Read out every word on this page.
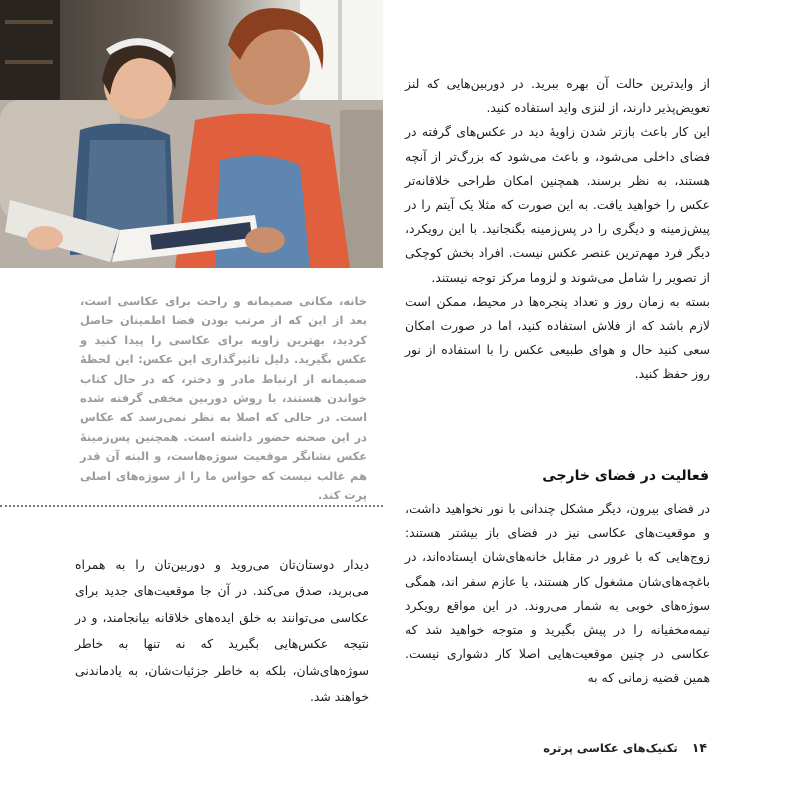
از وایدترین حالت آن بهره ببرید. در دوربین‌هایی که لنز تعویض‌پذیر دارند، از لنزی واید استفاده کنید.

این کار باعث بازتر شدن زاویهٔ دید در عکس‌های گرفته در فضای داخلی می‌شود، و باعث می‌شود که بزرگ‌تر از آنچه هستند، به نظر برسند. همچنین امکان طراحی خلاقانه‌تر عکس را خواهید یافت. به این صورت که مثلا یک آیتم را در پیش‌زمینه و دیگری را در پس‌زمینه بگنجانید. با این رویکرد، دیگر فرد مهم‌ترین عنصر عکس نیست. افراد بخش کوچکی از تصویر را شامل می‌شوند و لزوما مرکز توجه نیستند.

بسته به زمان روز و تعداد پنجره‌ها در محیط، ممکن است لازم باشد که از فلاش استفاده کنید، اما در صورت امکان سعی کنید حال و هوای طبیعی عکس را با استفاده از نور روز حفظ کنید.

فعالیت در فضای خارجی

در فضای بیرون، دیگر مشکل چندانی با نور نخواهید داشت، و موقعیت‌های عکاسی نیز در فضای باز بیشتر هستند: زوج‌هایی که با غرور در مقابل خانه‌های‌شان ایستاده‌اند، در باغچه‌های‌شان مشغول کار هستند، یا عازم سفر اند، همگی سوژه‌های خوبی به شمار می‌روند. در این مواقع رویکرد نیمه‌مخفیانه را در پیش بگیرید و متوجه خواهید شد که عکاسی در چنین موقعیت‌هایی اصلا کار دشواری نیست. همین قضیه زمانی که به

خانه، مکانی صمیمانه و راحت برای عکاسی است، بعد از این که از مرتب بودن فضا اطمینان حاصل کردید، بهترین زاویه برای عکاسی را پیدا کنید و عکس بگیرید. دلیل تاثیرگذاری این عکس: این لحظهٔ صمیمانه از ارتباط مادر و دختر، که در حال کتاب خواندن هستند، با روش دوربین مخفی گرفته شده است. در حالی که اصلا به نظر نمی‌رسد که عکاس در این صحنه حضور داشته است. همچنین پس‌زمینهٔ عکس نشانگر موقعیت سوژه‌هاست، و البته آن قدر هم غالب نیست که حواس ما را از سوژه‌های اصلی پرت کند.

دیدار دوستان‌تان می‌روید و دوربین‌تان را به همراه می‌برید، صدق می‌کند. در آن جا موقعیت‌های جدید برای عکاسی می‌توانند به خلق ایده‌های خلاقانه بیانجامند، و در نتیجه عکس‌هایی بگیرید که نه تنها به خاطر سوژه‌های‌شان، بلکه به خاطر جزئیات‌شان، به یادماندنی خواهند شد.

۱۴
تکنیک‌های عکاسی پرتره
